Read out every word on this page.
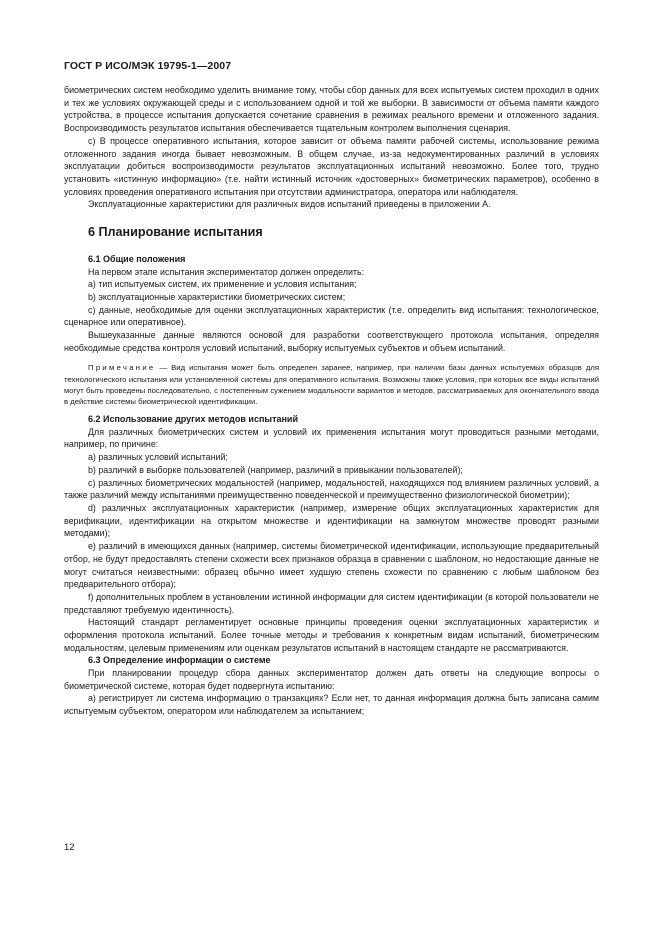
ГОСТ Р ИСО/МЭК 19795-1—2007

биометрических систем необходимо уделить внимание тому, чтобы сбор данных для всех испытуемых систем проходил в одних и тех же условиях окружающей среды и с использованием одной и той же выборки. В зависимости от объема памяти каждого устройства, в процессе испытания допускается сочетание сравнения в режимах реального времени и отложенного задания. Воспроизводимость результатов испытания обеспечивается тщательным контролем выполнения сценария.

с) В процессе оперативного испытания, которое зависит от объема памяти рабочей системы, использование режима отложенного задания иногда бывает невозможным. В общем случае, из-за недокументированных различий в условиях эксплуатации добиться воспроизводимости результатов эксплуатационных испытаний невозможно. Более того, трудно установить «истинную информацию» (т.е. найти истинный источник «достоверных» биометрических параметров), особенно в условиях проведения оперативного испытания при отсутствии администратора, оператора или наблюдателя.

Эксплуатационные характеристики для различных видов испытаний приведены в приложении А.

6 Планирование испытания
6.1 Общие положения

На первом этапе испытания экспериментатор должен определить:

а) тип испытуемых систем, их применение и условия испытания;

b) эксплуатационные характеристики биометрических систем;

с) данные, необходимые для оценки эксплуатационных характеристик (т.е. определить вид испытания: технологическое, сценарное или оперативное).

Вышеуказанные данные являются основой для разработки соответствующего протокола испытания, определяя необходимые средства контроля условий испытаний, выборку испытуемых субъектов и объем испытаний.

Примечание — Вид испытания может быть определен заранее, например, при наличии базы данных испытуемых образцов для технологического испытания или установленной системы для оперативного испытания. Возможны также условия, при которых все виды испытаний могут быть проведены последовательно, с постепенным сужением модальности вариантов и методов, рассматриваемых для окончательного ввода в действие системы биометрической идентификации.
6.2 Использование других методов испытаний

Для различных биометрических систем и условий их применения испытания могут проводиться разными методами, например, по причине:

а) различных условий испытаний;

b) различий в выборке пользователей (например, различий в привыкании пользователей);

с) различных биометрических модальностей (например, модальностей, находящихся под влиянием различных условий, а также различий между испытаниями преимущественно поведенческой и преимущественно физиологической биометрии);

d) различных эксплуатационных характеристик (например, измерение общих эксплуатационных характеристик для верификации, идентификации на открытом множестве и идентификации на замкнутом множестве проводят разными методами);

е) различий в имеющихся данных (например, системы биометрической идентификации, использующие предварительный отбор, не будут предоставлять степени схожести всех признаков образца в сравнении с шаблоном, но недостающие данные не могут считаться неизвестными: образец обычно имеет худшую степень схожести по сравнению с любым шаблоном без предварительного отбора);

f) дополнительных проблем в установлении истинной информации для систем идентификации (в которой пользователи не представляют требуемую идентичность).

Настоящий стандарт регламентирует основные принципы проведения оценки эксплуатационных характеристик и оформления протокола испытаний. Более точные методы и требования к конкретным видам испытаний, биометрическим модальностям, целевым применениям или оценкам результатов испытаний в настоящем стандарте не рассматриваются.

6.3 Определение информации о системе

При планировании процедур сбора данных экспериментатор должен дать ответы на следующие вопросы о биометрической системе, которая будет подвергнута испытанию:

а) регистрирует ли система информацию о транзакциях? Если нет, то данная информация должна быть записана самим испытуемым субъектом, оператором или наблюдателем за испытанием;

12
